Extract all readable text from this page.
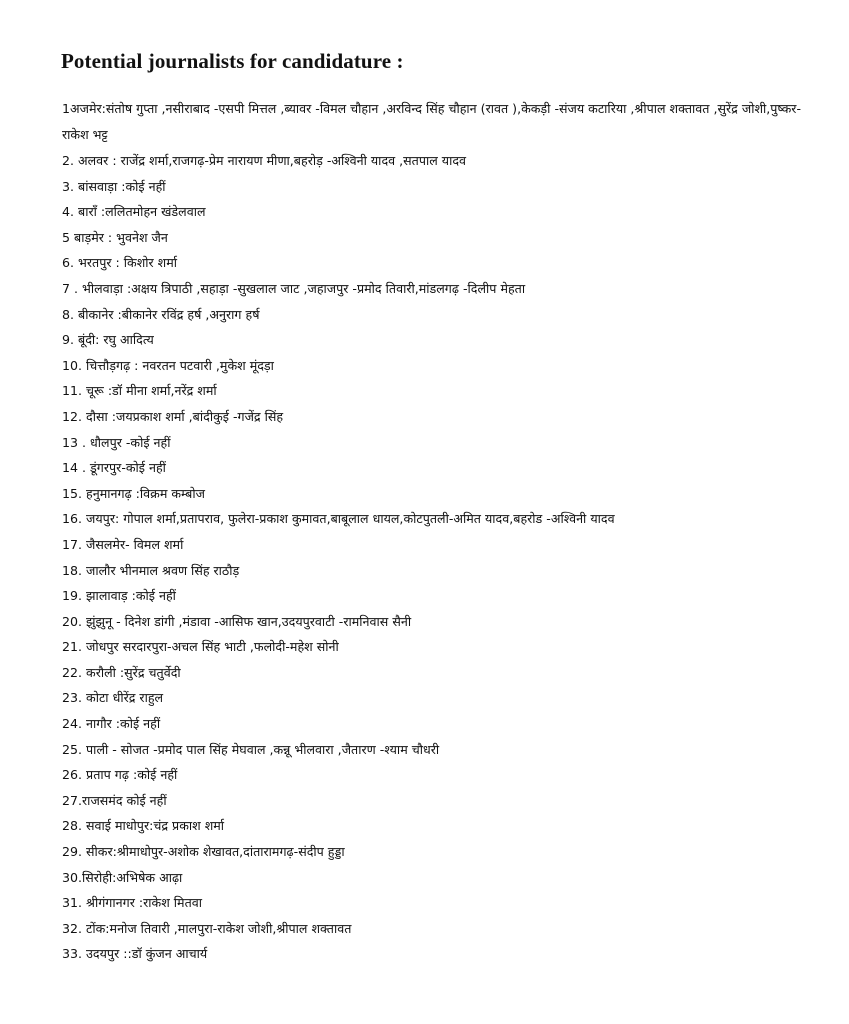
Potential journalists for candidature :
1अजमेर:संतोष गुप्ता ,नसीराबाद -एसपी मित्तल ,ब्यावर -विमल चौहान ,अरविन्द सिंह चौहान (रावत ),केकड़ी -संजय कटारिया ,श्रीपाल शक्तावत ,सुरेंद्र जोशी,पुष्कर-राकेश भट्ट
2. अलवर : राजेंद्र शर्मा,राजगढ़-प्रेम नारायण मीणा,बहरोड़ -अश्विनी यादव ,सतपाल यादव
3. बांसवाड़ा :कोई नहीं
4. बाराँ :ललितमोहन खंडेलवाल
5 बाड़मेर : भुवनेश जैन
6. भरतपुर : किशोर शर्मा
7 . भीलवाड़ा :अक्षय त्रिपाठी ,सहाड़ा -सुखलाल जाट ,जहाजपुर -प्रमोद तिवारी,मांडलगढ़ -दिलीप मेहता
8. बीकानेर :बीकानेर रविंद्र हर्ष ,अनुराग हर्ष
9. बूंदी: रघु आदित्य
10. चित्तौड़गढ़ : नवरतन पटवारी ,मुकेश मूंदड़ा
11. चूरू :डॉ मीना शर्मा,नरेंद्र शर्मा
12. दौसा :जयप्रकाश शर्मा ,बांदीकुई -गजेंद्र सिंह
13 . धौलपुर -कोई नहीं
14 . डूंगरपुर-कोई नहीं
15. हनुमानगढ़ :विक्रम कम्बोज
16. जयपुर: गोपाल शर्मा,प्रतापराव, फुलेरा-प्रकाश कुमावत,बाबूलाल धायल,कोटपुतली-अमित यादव,बहरोड -अश्विनी यादव
17. जैसलमेर- विमल शर्मा
18. जालौर भीनमाल श्रवण सिंह राठौड़
19. झालावाड़ :कोई नहीं
20. झुंझुनू - दिनेश डांगी ,मंडावा -आसिफ खान,उदयपुरवाटी -रामनिवास सैनी
21. जोधपुर सरदारपुरा-अचल सिंह भाटी ,फलोदी-महेश सोनी
22. करौली :सुरेंद्र चतुर्वेदी
23. कोटा धीरेंद्र राहुल
24. नागौर :कोई नहीं
25. पाली - सोजत -प्रमोद पाल सिंह मेघवाल ,कन्नू भीलवारा ,जैतारण -श्याम चौधरी
26. प्रताप गढ़ :कोई नहीं
27.राजसमंद कोई नहीं
28. सवाई माधोपुर:चंद्र प्रकाश शर्मा
29. सीकर:श्रीमाधोपुर-अशोक शेखावत,दांतारामगढ़-संदीप हुड्डा
30.सिरोही:अभिषेक आढ़ा
31. श्रीगंगानगर :राकेश मितवा
32. टोंक:मनोज तिवारी ,मालपुरा-राकेश जोशी,श्रीपाल शक्तावत
33. उदयपुर ::डॉ कुंजन आचार्य
